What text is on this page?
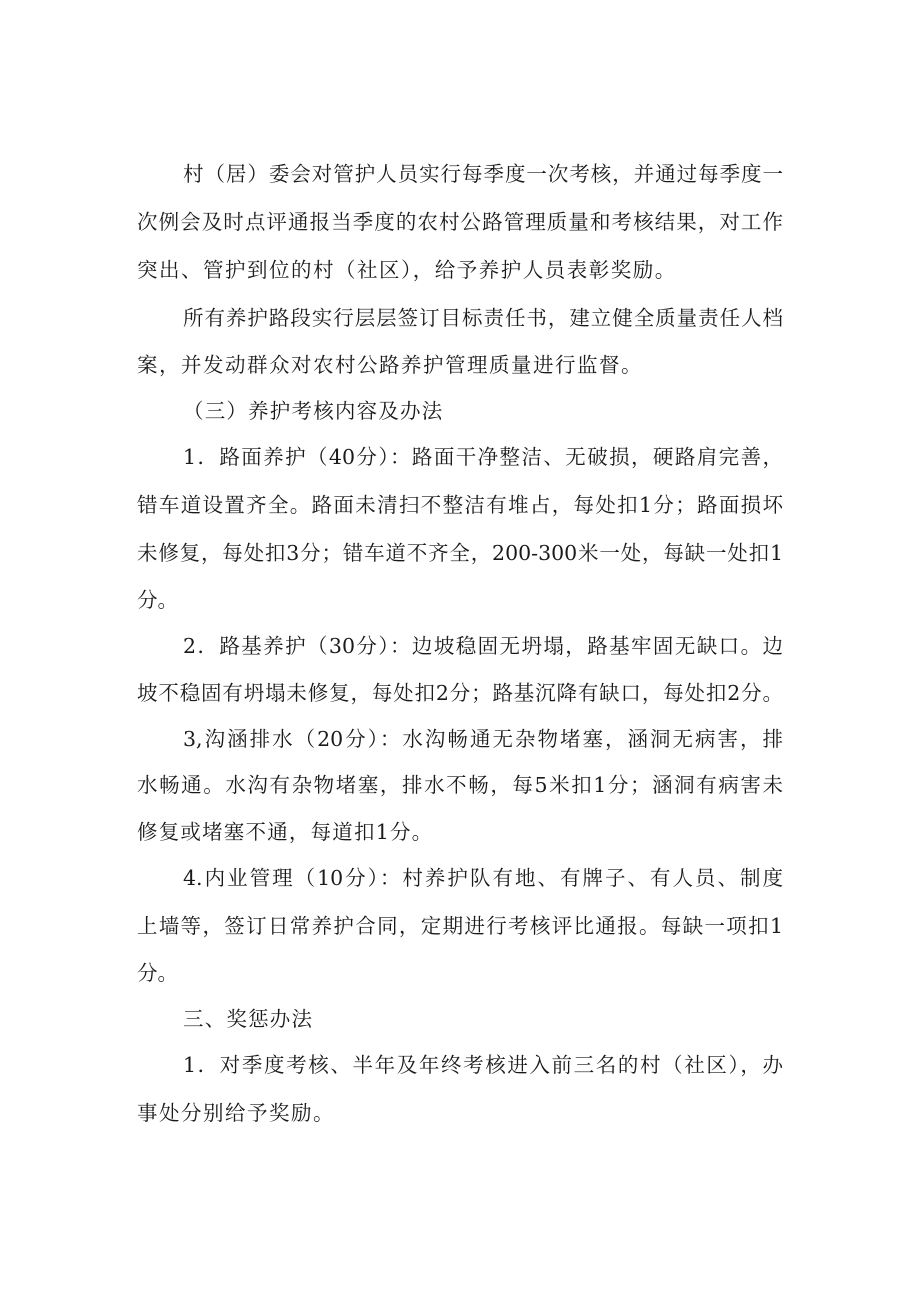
村（居）委会对管护人员实行每季度一次考核，并通过每季度一

次例会及时点评通报当季度的农村公路管理质量和考核结果，对工作

突出、管护到位的村（社区），给予养护人员表彰奖励。

所有养护路段实行层层签订目标责任书，建立健全质量责任人档

案，并发动群众对农村公路养护管理质量进行监督。

（三）养护考核内容及办法

1．路面养护（40分）：路面干净整洁、无破损，硬路肩完善，

错车道设置齐全。路面未清扫不整洁有堆占，每处扣1分；路面损坏

未修复，每处扣3分；错车道不齐全，200-300米一处，每缺一处扣1

分。

2．路基养护（30分）：边坡稳固无坍塌，路基牢固无缺口。边

坡不稳固有坍塌未修复，每处扣2分；路基沉降有缺口，每处扣2分。

3,沟涵排水（20分）：水沟畅通无杂物堵塞，涵洞无病害，排

水畅通。水沟有杂物堵塞，排水不畅，每5米扣1分；涵洞有病害未

修复或堵塞不通，每道扣1分。

4.内业管理（10分）：村养护队有地、有牌子、有人员、制度

上墙等，签订日常养护合同，定期进行考核评比通报。每缺一项扣1

分。

三、奖惩办法

1．对季度考核、半年及年终考核进入前三名的村（社区），办

事处分别给予奖励。
